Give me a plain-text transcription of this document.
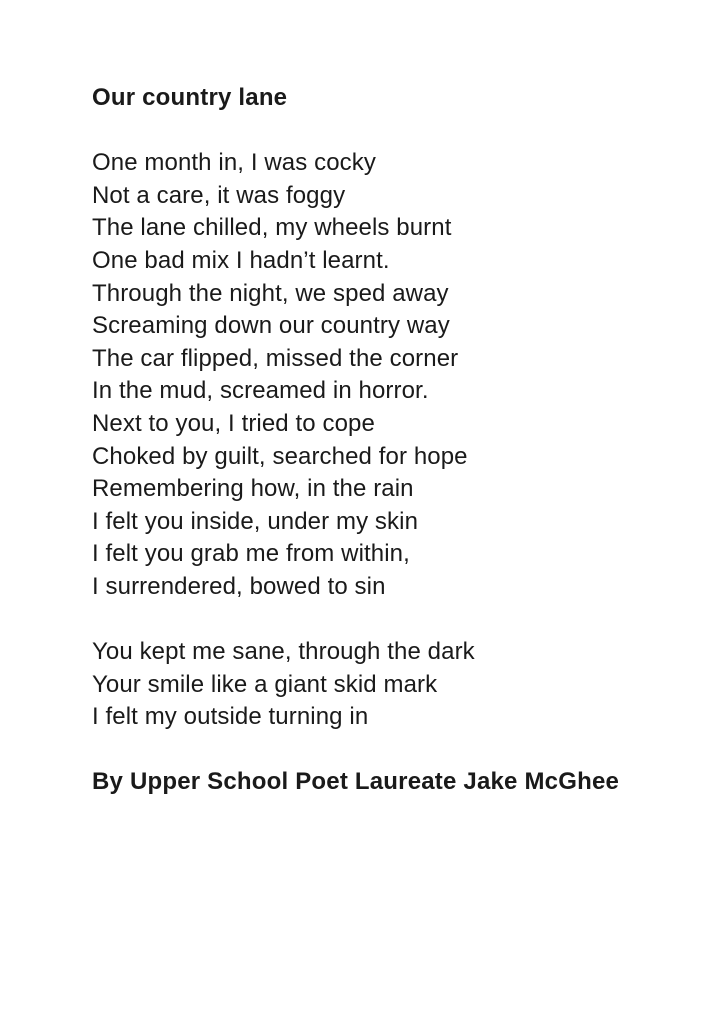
Our country lane

One month in, I was cocky

Not a care, it was foggy

The lane chilled, my wheels burnt

One bad mix I hadn’t learnt.

Through the night, we sped away

Screaming down our country way

The car flipped, missed the corner

In the mud, screamed in horror.

Next to you, I tried to cope

Choked by guilt, searched for hope

Remembering how, in the rain

I felt you inside, under my skin

I felt you grab me from within,

I surrendered, bowed to sin

You kept me sane, through the dark

Your smile like a giant skid mark

I felt my outside turning in

By Upper School Poet Laureate Jake McGhee
